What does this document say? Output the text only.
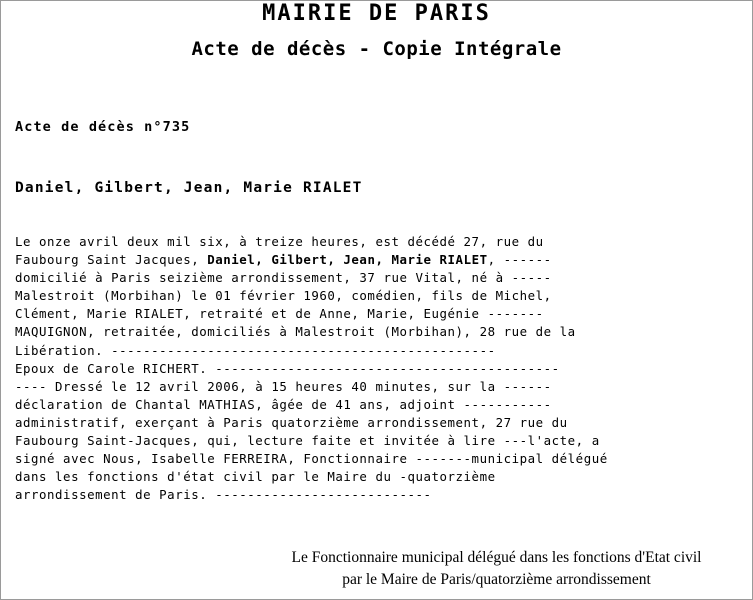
MAIRIE DE PARIS
Acte de décès - Copie Intégrale
Acte de décès n°735
Daniel, Gilbert, Jean, Marie RIALET
Le onze avril deux mil six, à treize heures, est décédé 27, rue du Faubourg Saint Jacques, Daniel, Gilbert, Jean, Marie RIALET, ------domicilié à Paris seizième arrondissement, 37 rue Vital, né à -----Malestroit (Morbihan) le 01 février 1960, comédien, fils de Michel, Clément, Marie RIALET, retraité et de Anne, Marie, Eugénie -------MAQUIGNON, retraitée, domiciliés à Malestroit (Morbihan), 28 rue de la Libération. ------------------------------------------------
Epoux de Carole RICHERT. -------------------------------------------
---- Dressé le 12 avril 2006, à 15 heures 40 minutes, sur la ------déclaration de Chantal MATHIAS, âgée de 41 ans, adjoint -----------administratif, exerçant à Paris quatorzième arrondissement, 27 rue du Faubourg Saint-Jacques, qui, lecture faite et invitée à lire ---l'acte, a signé avec Nous, Isabelle FERREIRA, Fonctionnaire -------municipal délégué dans les fonctions d'état civil par le Maire du -quatorzième arrondissement de Paris. ---------------------------
Le Fonctionnaire municipal délégué dans les fonctions d'Etat civil
par le Maire de Paris/quatorzième arrondissement
